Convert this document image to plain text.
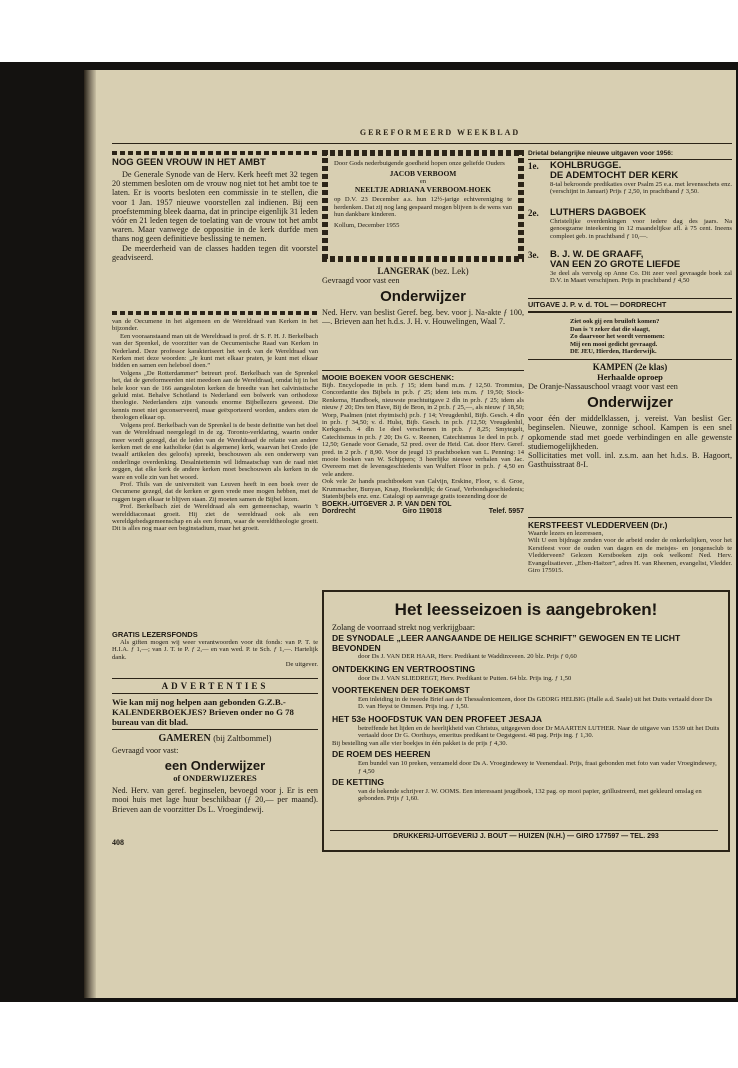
GEREFORMEERD WEEKBLAD
NOG GEEN VROUW IN HET AMBT

De Generale Synode van de Herv. Kerk heeft met 32 tegen 20 stemmen besloten om de vrouw nog niet tot het ambt toe te laten. Er is voorts besloten een commissie in te stellen, die voor 1 Jan. 1957 nieuwe voorstellen zal indienen. Bij een proefstemming bleek daarna, dat in principe eigenlijk 31 leden vóór en 21 leden tegen de toelating van de vrouw tot het ambt waren. Maar vanwege de oppositie in de kerk durfde men thans nog geen definitieve beslissing te nemen.

De meerderheid van de classes hadden tegen dit voorstel geadviseerd.

van de Oecumene in het algemeen en de Wereldraad van Kerken in het bijzonder.

Een vooraanstaand man uit de Wereldraad is prof. dr S. F. H. J. Berkelbach van der Sprenkel, de voorzitter van de Oecumenische Raad van Kerken in Nederland. Deze professor karakteriseert het werk van de Wereldraad van Kerken met deze woorden: „Je kunt met elkaar praten, je kunt met elkaar bidden en samen een heleboel doen.”

Volgens „De Rotterdammer” betreurt prof. Berkelbach van de Sprenkel het, dat de gereformeerden niet meedoen aan de Wereldraad, omdat hij in het hele koor van de 166 aangesloten kerken de breedte van het calvinistische geluid mist. Behalve Schotland is Nederland een bolwerk van orthodoxe theologie. Nederlanders zijn vanouds enorme Bijbellezers geweest. Die kennis moet niet geconserveerd, maar geëxporteerd worden, anders eten de theologen elkaar op.

Volgens prof. Berkelbach van de Sprenkel is de beste definitie van het doel van de Wereldraad neergelegd in de zg. Toronto-verklaring, waarin onder meer wordt gezegd, dat de leden van de Wereldraad de relatie van andere kerken met de ene katholieke (dat is algemene) kerk, waarvan het Credo (de twaalf artikelen des geloofs) spreekt, beschouwen als een onderwerp van onderlinge overdenking. Desalniettemin wil lidmaatschap van de raad niet zeggen, dat elke kerk de andere kerken moet beschouwen als kerken in de ware en volle zin van het woord.

Prof. Thils van de universiteit van Leuven heeft in een boek over de Oecumene gezegd, dat de kerken er geen vrede mee mogen hebben, met de ruggen tegen elkaar te blijven staan. Zij moeten samen de Bijbel lezen.

Prof. Berkelbach zíet de Wereldraad als een gemeenschap, waarin 't werelddiaconaat groeit. Hij ziet de wereldraad ook als een wereldgebedsgemeenschap en als een forum, waar de wereldtheologie groeit. Dit is alles nog maar een beginstadium, maar het groeit.

GRATIS LEZERSFONDS

Als giften mogen wij weer verantwoorden voor dit fonds: van P. T. te H.I.A. ƒ 1,—; van J. T. te P. ƒ 2,— en van wed. P. te Sch. ƒ 1,—. Hartelijk dank.

De uitgever.

ADVERTENTIES

Wie kan mij nog helpen aan gebonden G.Z.B.-KALENDERBOEKJES? Brieven onder no G 78 bureau van dit blad.

GAMEREN (bij Zaltbommel)

Gevraagd voor vast:

een Onderwijzer
of ONDERWIJZERES

Ned. Herv. van geref. beginselen, bevoegd voor j. Er is een mooi huis met lage huur beschikbaar (ƒ 20,— per maand). Brieven aan de voorzitter Ds L. Vroegindewij.

408

Door Gods nederbuigende goedheid hopen onze geliefde Ouders

JACOB VERBOOM
en
NEELTJE ADRIANA VERBOOM-HOEK

op D.V. 23 December a.s. hun 12½-jarige echtvereniging te herdenken. Dat zij nog lang gespaard mogen blijven is de wens van hun dankbare kinderen.

Kollum, December 1955

LANGERAK (bez. Lek)

Gevraagd voor vast een

Onderwijzer

Ned. Herv. van beslist Geref. beg. bev. voor j. Na-akte ƒ 100,—. Brieven aan het h.d.s. J. H. v. Houwelingen, Waal 7.

MOOIE BOEKEN VOOR GESCHENK:

Bijb. Encyclopedie in pr.b. ƒ 15; idem band m.m. ƒ 12,50. Trommius, Concordantie des Bijbels in pr.b. ƒ 25; idem iets m.m. ƒ 19,50; Stock-Renkema, Handboek, nieuwste prachtuitgave 2 dln in pr.b. ƒ 25; idem als nieuw ƒ 20; Drs ten Have, Bij de Bron, in 2 pr.b. ƒ 25,—, als nieuw ƒ 18,50; Worp, Psalmen (niet rhytmisch) pr.b. ƒ 14; Vreugdenhil, Bijb. Gesch. 4 dln in pr.b. ƒ 34,50; v. d. Hulst, Bijb. Gesch. in pr.b. ƒ12,50; Vreugdenhil, Kerkgesch. 4 dln 1e deel verschenen in pr.b. ƒ 8,25; Smytegelt, Catechismus in pr.b. ƒ 20; Ds G. v. Reenen, Catechismus 1e deel in pr.b. ƒ 12,50; Genade voor Genade, 52 pred. over de Heid. Cat. door Herv. Geref. pred. in 2 pr.b. ƒ 8,90. Voor de jeugd 13 prachtboeken van L. Penning: 14 mooie boeken van W. Schippers; 3 heerlijke nieuwe verhalen van Jac. Overeem met de levensgeschiedenis van Wulfert Floor in pr.b. ƒ 4,50 en vele andere.

Ook vele 2e hands prachtboeken van Calvijn, Erskine, Floor, v. d. Groe, Krummacher, Bunyan, Knap, Hoekendijk; de Graaf, Verbondsgeschiedenis; Statenbijbels enz. enz. Catalogi op aanvrage gratis toezending door de

BOEKH.-UITGEVER J. P. VAN DEN TOL
Dordrecht	Giro 119018	Telef. 5957
Drietal belangrijke nieuwe uitgaven voor 1956:
1e. KOHLBRUGGE.
DE ADEMTOCHT DER KERK

8-tal bekroonde predikaties over Psalm 25 e.a. met levensschets enz. (verschijnt in Januari) Prijs ƒ 2,50, in prachtband ƒ 3,50.

2e. LUTHERS DAGBOEK

Christelijke overdenkingen voor iedere dag des jaars. Na genoegzame inteekening in 12 maandelijkse afl. à 75 cent. Ineens compleet geb. in prachtband ƒ 10,—.

3e. B. J. W. DE GRAAFF,
VAN EEN ZO GROTE LIEFDE

3e deel als vervolg op Anne Co. Dit zeer veel gevraagde boek zal D.V. in Maart verschijnen. Prijs in prachtband ƒ 4,50

UITGAVE J. P. v. d. TOL — DORDRECHT
Ziet ook gij een bruiloft komen?
Dan is 't zeker dat die slaagt,
Zo daarvoor het wordt vernomen:
Mij een mooi gedicht gevraagd.
DE JEU, Hierden, Harderwijk.
KAMPEN (2e klas)
Herhaalde oproep

De Oranje-Nassauschool vraagt voor vast een

Onderwijzer

voor één der middelklassen, j. vereist. Van beslist Ger. beginselen. Nieuwe, zonnige school. Kampen is een snel opkomende stad met goede verbindingen en alle gewenste studiemogelijkheden.

Sollicitaties met voll. inl. z.s.m. aan het h.d.s. B. Hagoort, Gasthuisstraat 8-I.

KERSTFEEST VLEDDERVEEN (Dr.)

Waarde lezers en lezeressen,

Wilt U een bijdrage zenden voor de arbeid onder de onkerkelijken, voor het Kerstfeest voor de ouden van dagen en de meisjes- en jongensclub te Vledderveen? Gelezen Kerstboeken zijn ook welkom! Ned. Herv. Evangelisatiever. „Eben-Haëzer”, adres H. van Rheenen, evangelist, Vledder. Giro 175915.

Het leesseizoen is aangebroken!

Zolang de voorraad strekt nog verkrijgbaar:

DE SYNODALE „LEER AANGAANDE DE HEILIGE SCHRIFT” GEWOGEN EN TE LICHT BEVONDEN
door Ds J. VAN DER HAAR, Herv. Predikant te Waddinxveen. 20 blz. Prijs ƒ 0,60
ONTDEKKING EN VERTROOSTING
door Ds J. VAN SLIEDREGT, Herv. Predikant te Putten. 64 blz. Prijs ing. ƒ 1,50
VOORTEKENEN DER TOEKOMST
Een inleiding in de tweede Brief aan de Thessalonicenzen, door Ds GEORG HELBIG (Halle a.d. Saale) uit het Duits vertaald door Ds D. van Heyst te Ommen. Prijs ing. ƒ 1,50.
HET 53e HOOFDSTUK VAN DEN PROFEET JESAJA
betreffende het lijden en de heerlijkheid van Christus, uitgegeven door Dr MAARTEN LUTHER. Naar de uitgave van 1539 uit het Duits vertaald door Dr G. Oorthuys, emeritus predikant te Oegstgeest. 48 pag. Prijs ing. ƒ 1,30.
Bij bestelling van alle vier boekjes in één pakket is de prijs ƒ 4,30.
DE ROEM DES HEEREN
Een bundel van 10 preken, verzameld door Ds A. Vroegindewey te Veenendaal. Prijs, fraai gebonden met foto van vader Vroegindewey, ƒ 4,50
DE KETTING
van de bekende schrijver J. W. OOMS. Een interessant jeugdboek, 132 pag. op mooi papier, geïllustreerd, met gekleurd omslag en gebonden. Prijs ƒ 1,60.
DRUKKERIJ-UITGEVERIJ J. BOUT — HUIZEN (N.H.) — GIRO 177597 — TEL. 293
